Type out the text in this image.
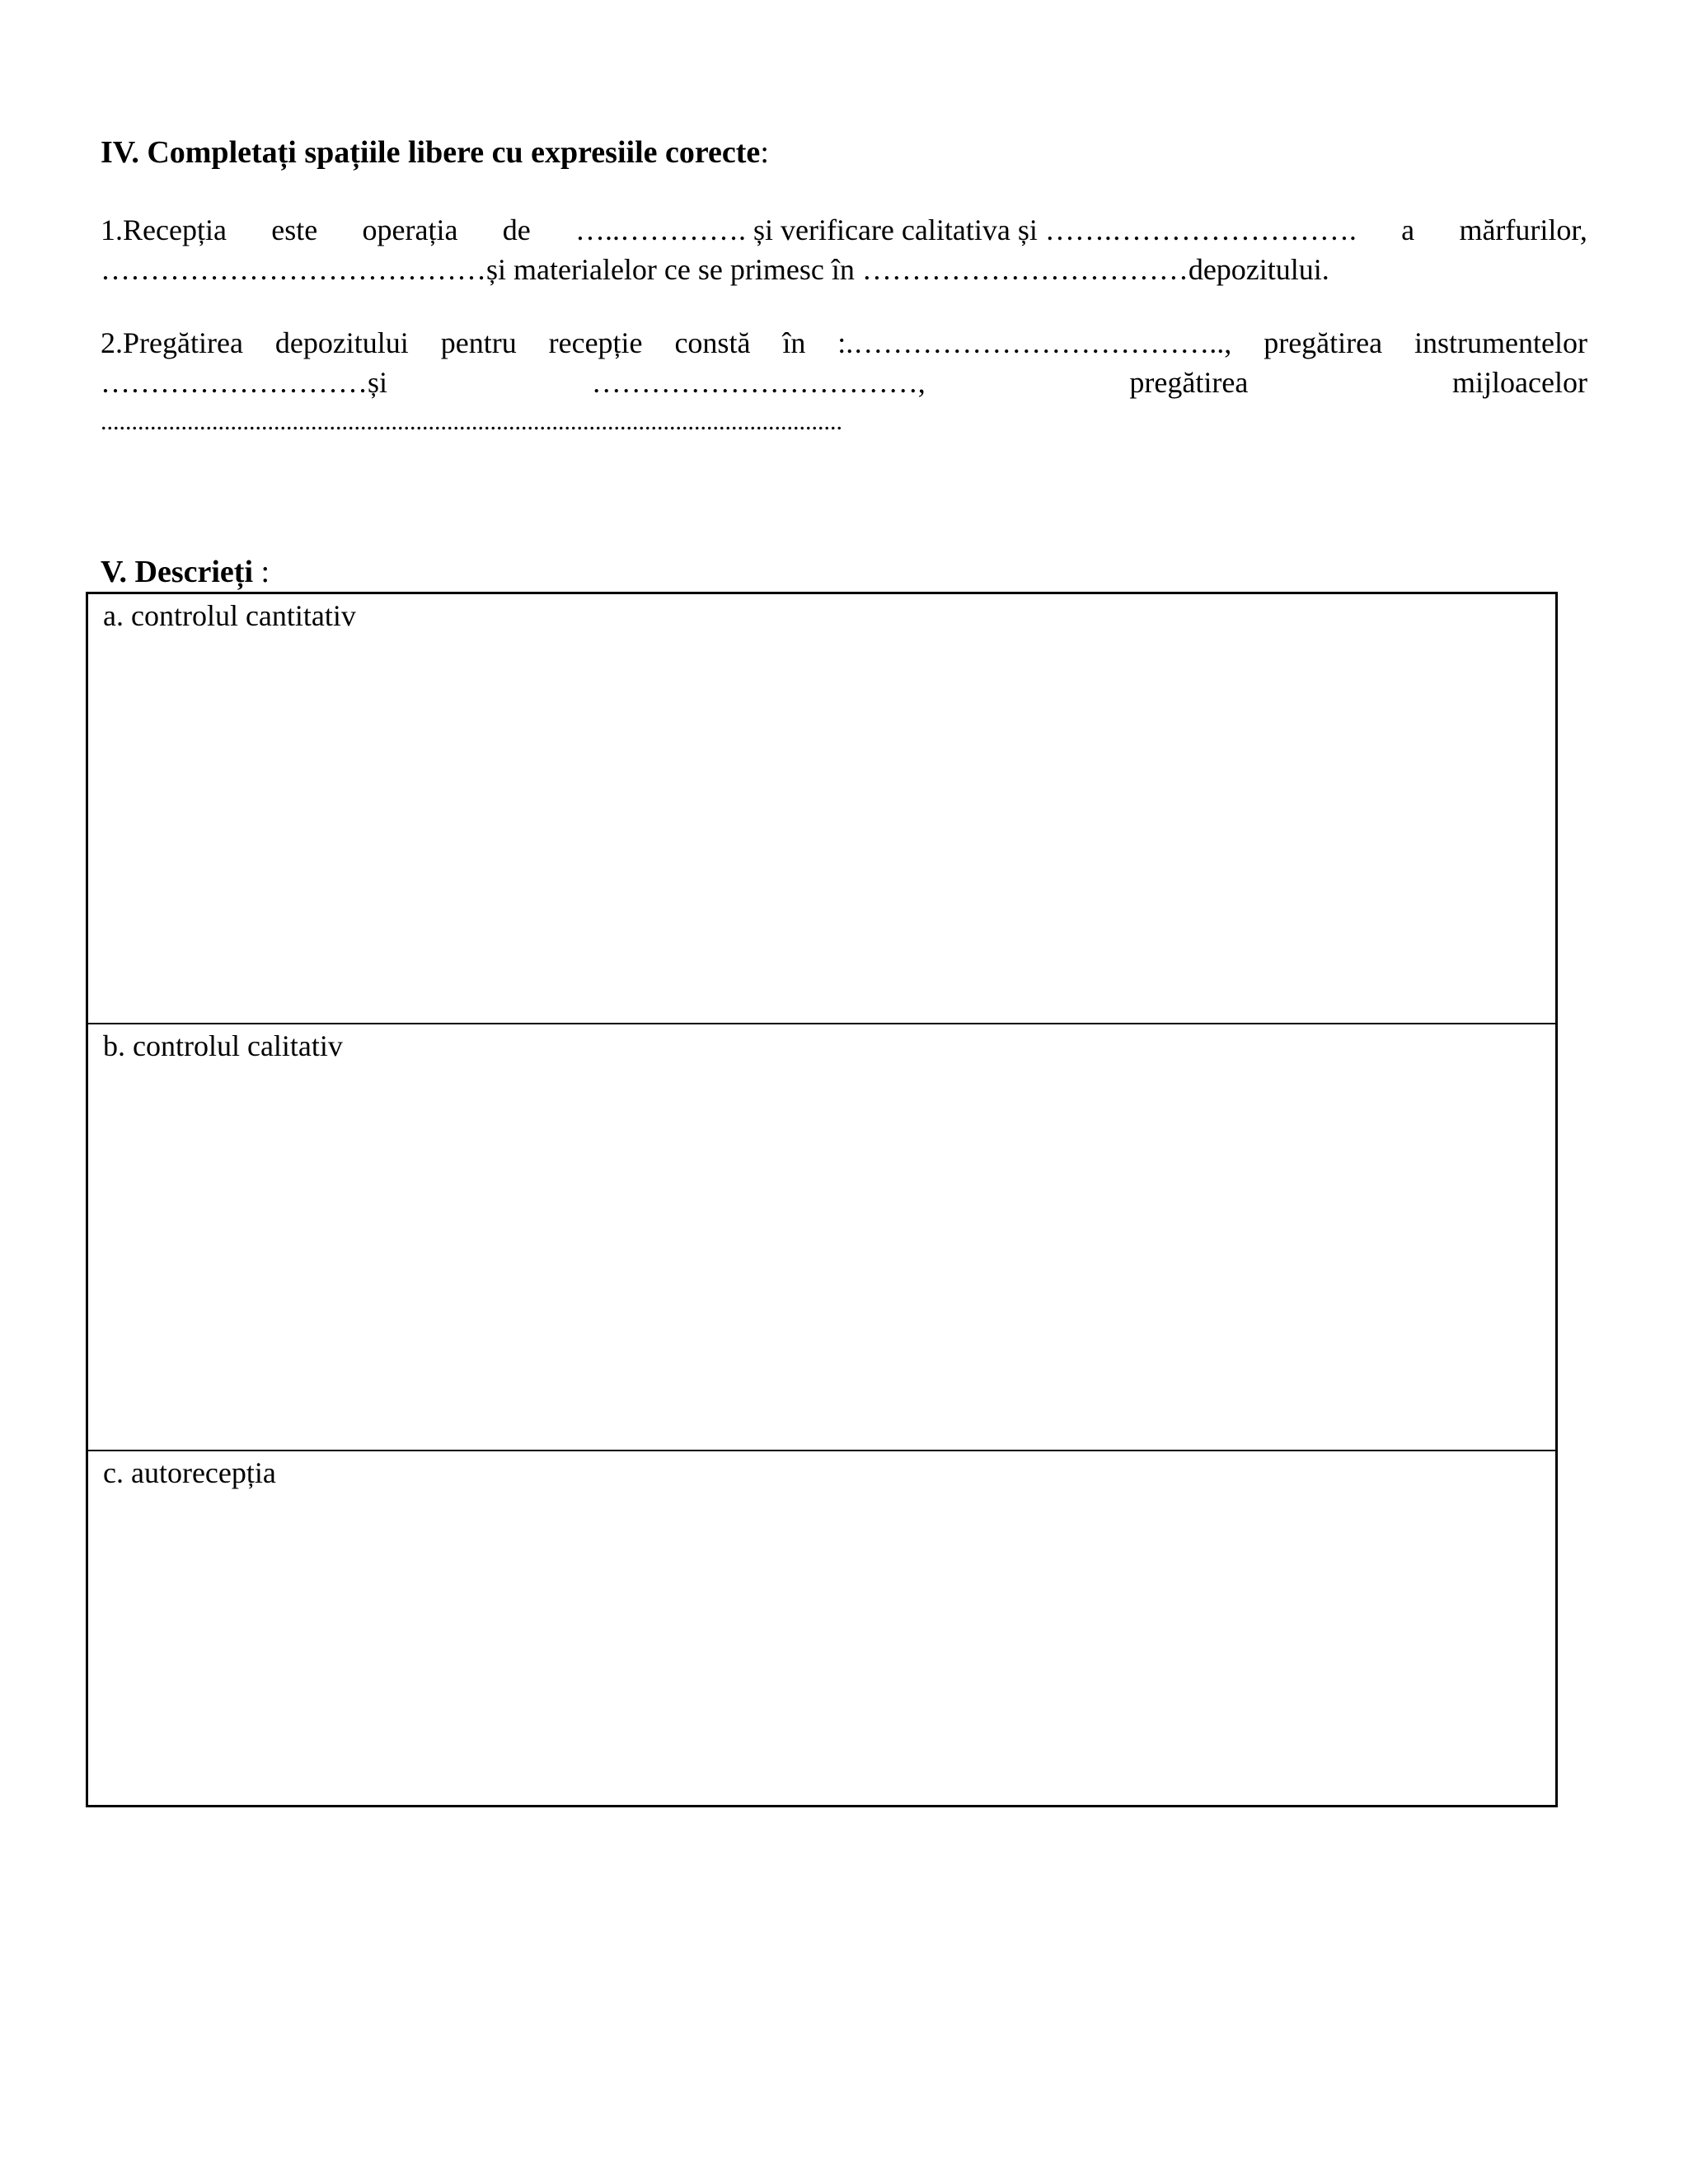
IV. Completați spațiile libere cu expresiile corecte:
1.Recepția este operația de …..…………. și verificare calitativa și …….……………………. a mărfurilor,
…………………………………și materialelor ce se primesc în ……………………………depozitului.
2.Pregătirea depozitului pentru recepție constă în :.……………………………….., pregătirea instrumentelor
………………………și	……………………………,	pregătirea	mijloacelor
........................................................................................................................
V. Descrieți :
a. controlul cantitativ
b. controlul calitativ
c. autorecepția
